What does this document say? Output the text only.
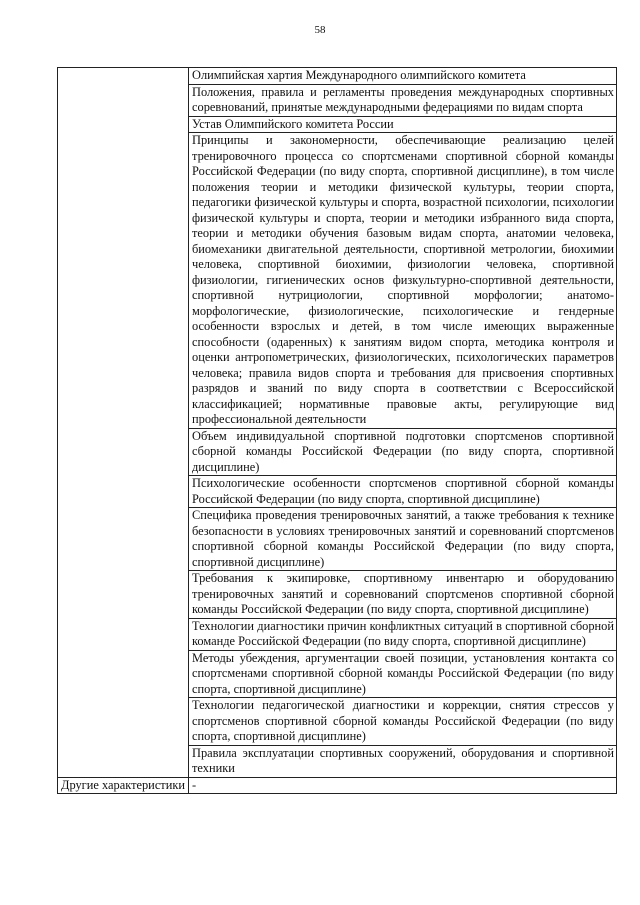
58
	Олимпийская хартия Международного олимпийского комитета
	Положения, правила и регламенты проведения международных спортивных соревнований, принятые международными федерациями по видам спорта
	Устав Олимпийского комитета России
	Принципы и закономерности, обеспечивающие реализацию целей тренировочного процесса со спортсменами спортивной сборной команды Российской Федерации (по виду спорта, спортивной дисциплине), в том числе положения теории и методики физической культуры, теории спорта, педагогики физической культуры и спорта, возрастной психологии, психологии физической культуры и спорта, теории и методики избранного вида спорта, теории и методики обучения базовым видам спорта, анатомии человека, биомеханики двигательной деятельности, спортивной метрологии, биохимии человека, спортивной биохимии, физиологии человека, спортивной физиологии, гигиенических основ физкультурно-спортивной деятельности, спортивной нутрициологии, спортивной морфологии; анатомо-морфологические, физиологические, психологические и гендерные особенности взрослых и детей, в том числе имеющих выраженные способности (одаренных) к занятиям видом спорта, методика контроля и оценки антропометрических, физиологических, психологических параметров человека; правила видов спорта и требования для присвоения спортивных разрядов и званий по виду спорта в соответствии с Всероссийской классификацией; нормативные правовые акты, регулирующие вид профессиональной деятельности
	Объем индивидуальной спортивной подготовки спортсменов спортивной сборной команды Российской Федерации (по виду спорта, спортивной дисциплине)
	Психологические особенности спортсменов спортивной сборной команды Российской Федерации (по виду спорта, спортивной дисциплине)
	Специфика проведения тренировочных занятий, а также требования к технике безопасности в условиях тренировочных занятий и соревнований спортсменов спортивной сборной команды Российской Федерации (по виду спорта, спортивной дисциплине)
	Требования к экипировке, спортивному инвентарю и оборудованию тренировочных занятий и соревнований спортсменов спортивной сборной команды Российской Федерации (по виду спорта, спортивной дисциплине)
	Технологии диагностики причин конфликтных ситуаций в спортивной сборной команде Российской Федерации (по виду спорта, спортивной дисциплине)
	Методы убеждения, аргументации своей позиции, установления контакта со спортсменами спортивной сборной команды Российской Федерации (по виду спорта, спортивной дисциплине)
	Технологии педагогической диагностики и коррекции, снятия стрессов у спортсменов спортивной сборной команды Российской Федерации (по виду спорта, спортивной дисциплине)
	Правила эксплуатации спортивных сооружений, оборудования и спортивной техники
Другие характеристики	-
